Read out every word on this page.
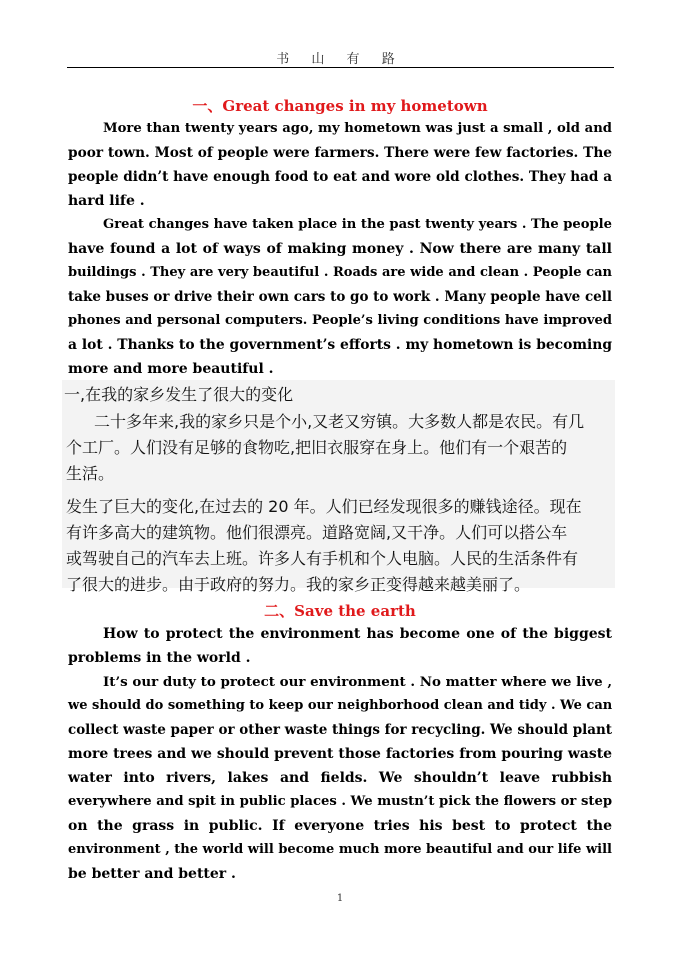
书 山 有 路
一、Great changes in my hometown
More than twenty years ago, my hometown was just a small , old and
poor town. Most of people were farmers. There were few factories. The
people didn’t have enough food to eat and wore old clothes. They had a
hard life .
Great changes have taken place in the past twenty years . The people
have found a lot of ways of making money . Now there are many tall
buildings . They are very beautiful . Roads are wide and clean . People can
take buses or drive their own cars to go to work . Many people have cell
phones and personal computers. People’s living conditions have improved
a lot . Thanks to the government’s efforts . my hometown is becoming
more and more beautiful .
一,在我的家乡发生了很大的变化
二十多年来,我的家乡只是个小,又老又穷镇。大多数人都是农民。有几
个工厂。人们没有足够的食物吃,把旧衣服穿在身上。他们有一个艰苦的
生活。
发生了巨大的变化,在过去的 20 年。人们已经发现很多的赚钱途径。现在
有许多高大的建筑物。他们很漂亮。道路宽阔,又干净。人们可以搭公车
或驾驶自己的汽车去上班。许多人有手机和个人电脑。人民的生活条件有
了很大的进步。由于政府的努力。我的家乡正变得越来越美丽了。
二、Save the earth
How to protect the environment has become one of the biggest
problems in the world .
It’s our duty to protect our environment . No matter where we live ,
we should do something to keep our neighborhood clean and tidy . We can
collect waste paper or other waste things for recycling. We should plant
more trees and we should prevent those factories from pouring waste
water into rivers, lakes and fields. We shouldn’t leave rubbish
everywhere and spit in public places . We mustn’t pick the flowers or step
on the grass in public. If everyone tries his best to protect the
environment , the world will become much more beautiful and our life will
be better and better .
1
